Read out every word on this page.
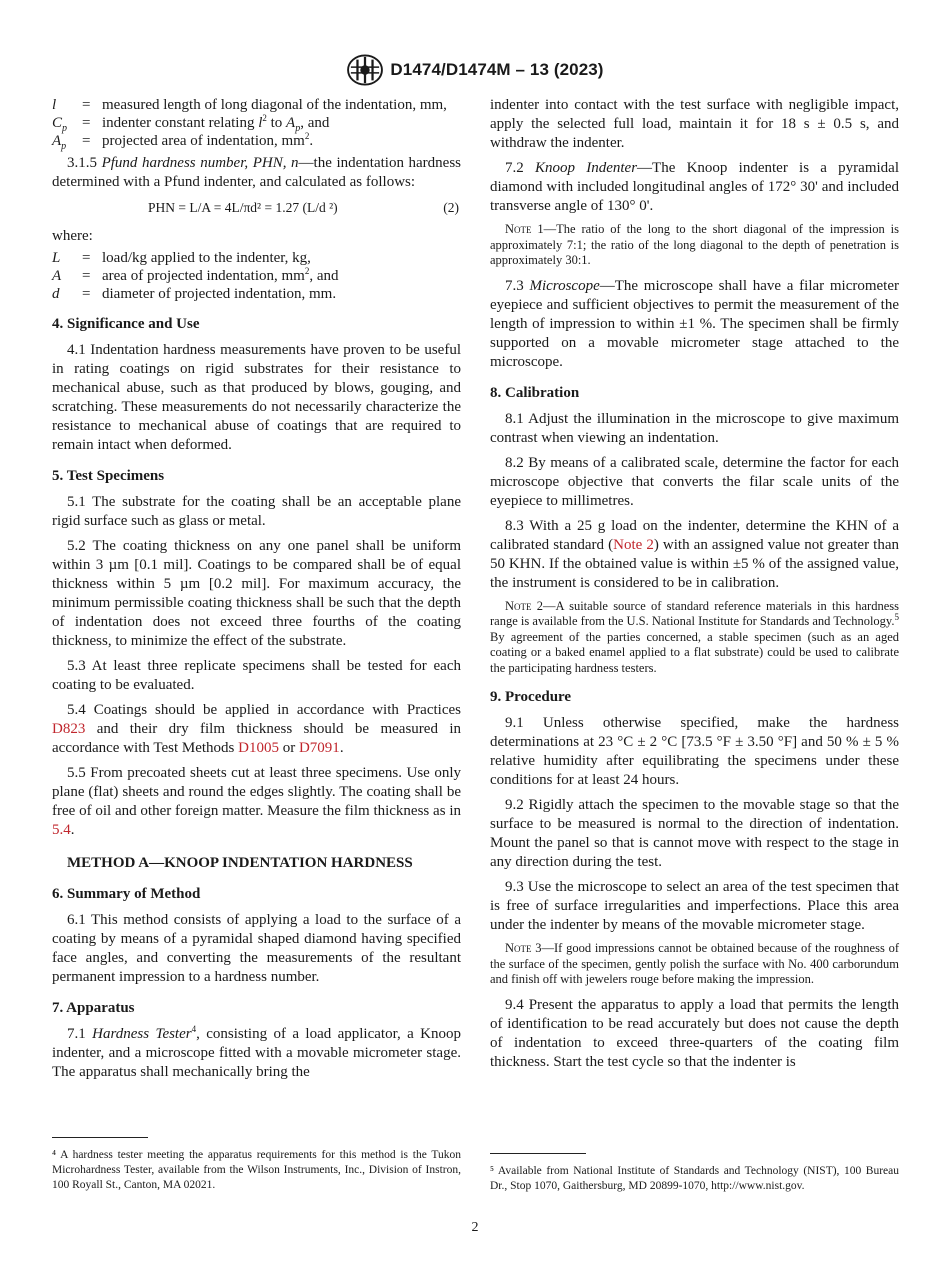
D1474/D1474M – 13 (2023)
l	= measured length of long diagonal of the indentation, mm,
$C_p$ = indenter constant relating $l^2$ to $A_p$, and
$A_p$	= projected area of indentation, $mm^2$.

3.1.5 Pfund hardness number, PHN, n—the indentation hardness determined with a Pfund indenter, and calculated as follows:

PHN = L/A = 4L/πd² = 1.27 (L/d ²)	(2)
where:
L	= load/kg applied to the indenter, kg,
A	= area of projected indentation, $mm^2$, and
d	= diameter of projected indentation, mm.
4. Significance and Use

4.1 Indentation hardness measurements have proven to be useful in rating coatings on rigid substrates for their resistance to mechanical abuse, such as that produced by blows, gouging, and scratching. These measurements do not necessarily characterize the resistance to mechanical abuse of coatings that are required to remain intact when deformed.

5. Test Specimens

5.1 The substrate for the coating shall be an acceptable plane rigid surface such as glass or metal.

5.2 The coating thickness on any one panel shall be uniform within 3 µm [0.1 mil]. Coatings to be compared shall be of equal thickness within 5 µm [0.2 mil]. For maximum accuracy, the minimum permissible coating thickness shall be such that the depth of indentation does not exceed three fourths of the coating thickness, to minimize the effect of the substrate.

5.3 At least three replicate specimens shall be tested for each coating to be evaluated.

5.4 Coatings should be applied in accordance with Practices D823 and their dry film thickness should be measured in accordance with Test Methods D1005 or D7091.

5.5 From precoated sheets cut at least three specimens. Use only plane (flat) sheets and round the edges slightly. The coating shall be free of oil and other foreign matter. Measure the film thickness as in 5.4.

METHOD A—KNOOP INDENTATION HARDNESS
6. Summary of Method

6.1 This method consists of applying a load to the surface of a coating by means of a pyramidal shaped diamond having specified face angles, and converting the measurements of the resultant permanent impression to a hardness number.

7. Apparatus

7.1 Hardness Tester$^4$, consisting of a load applicator, a Knoop indenter, and a microscope fitted with a movable micrometer stage. The apparatus shall mechanically bring the

⁴ A hardness tester meeting the apparatus requirements for this method is the Tukon Microhardness Tester, available from the Wilson Instruments, Inc., Division of Instron, 100 Royall St., Canton, MA 02021.

indenter into contact with the test surface with negligible impact, apply the selected full load, maintain it for 18 s ± 0.5 s, and withdraw the indenter.

7.2 Knoop Indenter—The Knoop indenter is a pyramidal diamond with included longitudinal angles of 172° 30' and included transverse angle of 130° 0'.

Note 1—The ratio of the long to the short diagonal of the impression is approximately 7:1; the ratio of the long diagonal to the depth of penetration is approximately 30:1.

7.3 Microscope—The microscope shall have a filar micrometer eyepiece and sufficient objectives to permit the measurement of the length of impression to within ±1 %. The specimen shall be firmly supported on a movable micrometer stage attached to the microscope.

8. Calibration

8.1 Adjust the illumination in the microscope to give maximum contrast when viewing an indentation.

8.2 By means of a calibrated scale, determine the factor for each microscope objective that converts the filar scale units of the eyepiece to millimetres.

8.3 With a 25 g load on the indenter, determine the KHN of a calibrated standard (Note 2) with an assigned value not greater than 50 KHN. If the obtained value is within ±5 % of the assigned value, the instrument is considered to be in calibration.

Note 2—A suitable source of standard reference materials in this hardness range is available from the U.S. National Institute for Standards and Technology.$^5$ By agreement of the parties concerned, a stable specimen (such as an aged coating or a baked enamel applied to a flat substrate) could be used to calibrate the participating hardness testers.

9. Procedure

9.1 Unless otherwise specified, make the hardness determinations at 23 °C ± 2 °C [73.5 °F ± 3.50 °F] and 50 % ± 5 % relative humidity after equilibrating the specimens under these conditions for at least 24 hours.

9.2 Rigidly attach the specimen to the movable stage so that the surface to be measured is normal to the direction of indentation. Mount the panel so that is cannot move with respect to the stage in any direction during the test.

9.3 Use the microscope to select an area of the test specimen that is free of surface irregularities and imperfections. Place this area under the indenter by means of the movable micrometer stage.

Note 3—If good impressions cannot be obtained because of the roughness of the surface of the specimen, gently polish the surface with No. 400 carborundum and finish off with jewelers rouge before making the impression.

9.4 Present the apparatus to apply a load that permits the length of identification to be read accurately but does not cause the depth of indentation to exceed three-quarters of the coating film thickness. Start the test cycle so that the indenter is

⁵ Available from National Institute of Standards and Technology (NIST), 100 Bureau Dr., Stop 1070, Gaithersburg, MD 20899-1070, http://www.nist.gov.
2
